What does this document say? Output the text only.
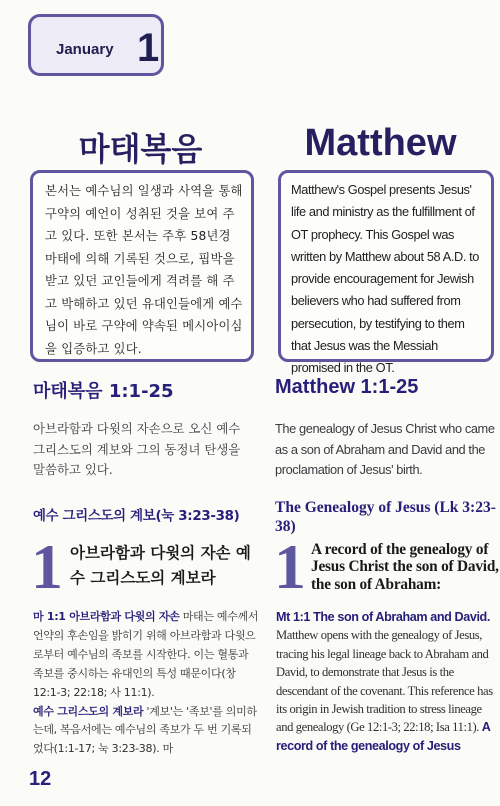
January 1
마태복음	Matthew

본서는 예수님의 일생과 사역을 통해 구약의 예언이 성취된 것을 보여 주고 있다. 또한 본서는 주후 58년경 마태에 의해 기록된 것으로, 핍박을 받고 있던 교인들에게 격려를 해 주고 박해하고 있던 유대인들에게 예수님이 바로 구약에 약속된 메시아이심을 입증하고 있다.

Matthew's Gospel presents Jesus' life and ministry as the fulfillment of OT prophecy. This Gospel was written by Matthew about 58 A.D. to provide encouragement for Jewish believers who had suffered from persecution, by testifying to them that Jesus was the Messiah promised in the OT.

마태복음 1:1-25	Matthew 1:1-25
아브라함과 다윗의 자손으로 오신 예수 그리스도의 계보와 그의 동정녀 탄생을 말씀하고 있다.
The genealogy of Jesus Christ who came as a son of Abraham and David and the proclamation of Jesus' birth.
예수 그리스도의 계보(눅 3:23-38)
The Genealogy of Jesus (Lk 3:23-38)
1 아브라함과 다윗의 자손 예수 그리스도의 계보라 1 A record of the genealogy of Jesus Christ the son of David, the son of Abraham:
마 1:1 아브라함과 다윗의 자손 마태는 예수께서 언약의 후손임을 밝히기 위해 아브라함과 다윗으로부터 예수님의 족보를 시작한다. 이는 혈통과 족보를 중시하는 유대인의 특성 때문이다(창 12:1-3; 22:18; 사 11:1).
예수 그리스도의 계보라 '계보'는 '족보'를 의미하는데, 복음서에는 예수님의 족보가 두 번 기록되었다(1:1-17; 눅 3:23-38). 마
Mt 1:1 The son of Abraham and David. Matthew opens with the genealogy of Jesus, tracing his legal lineage back to Abraham and David, to demonstrate that Jesus is the descendant of the covenant. This reference has its origin in Jewish tradition to stress lineage and genealogy (Ge 12:1-3; 22:18; Isa 11:1). A record of the genealogy of Jesus
12
